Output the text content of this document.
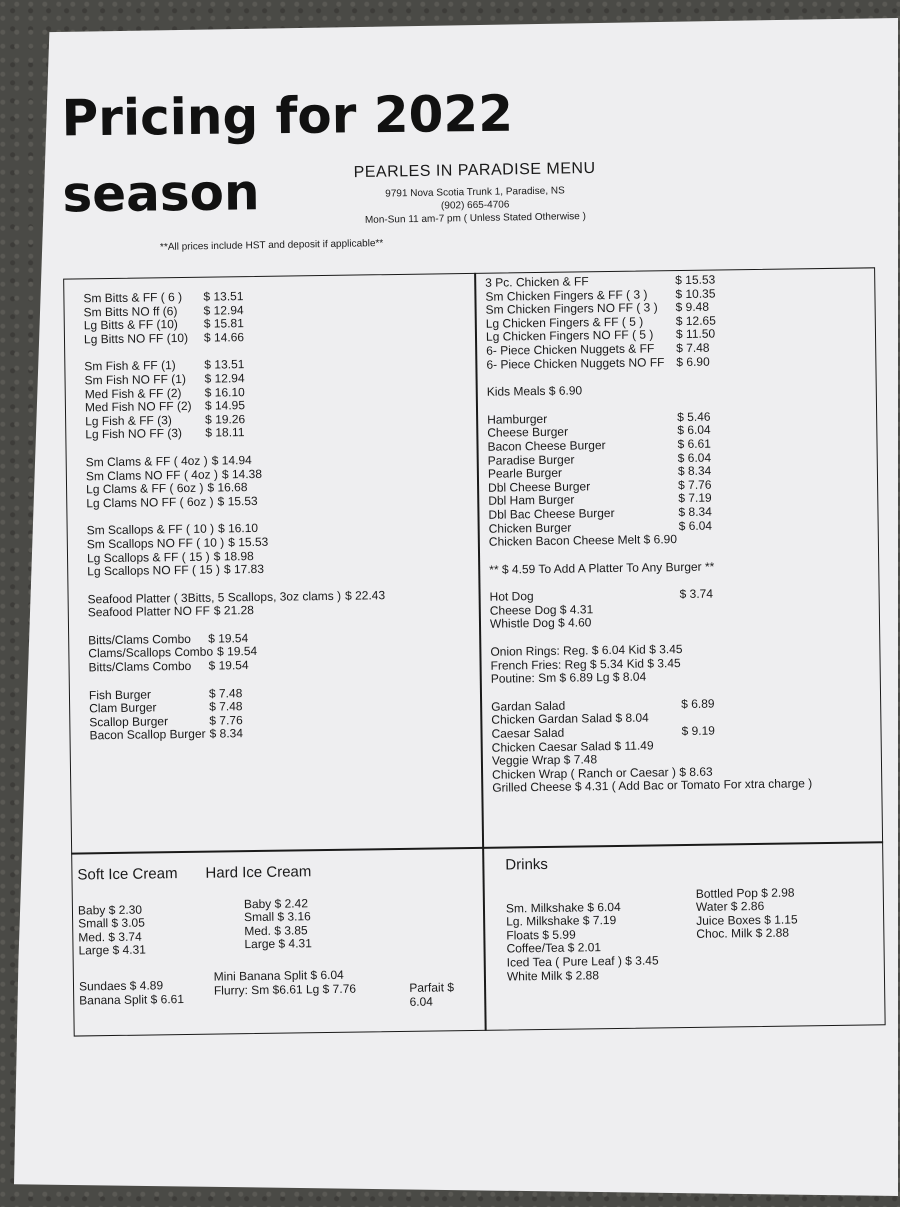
Pricing for 2022
season	PEARLES IN PARADISE MENU
9791 Nova Scotia Trunk 1, Paradise, NS
(902) 665-4706
Mon-Sun 11 am-7 pm ( Unless Stated Otherwise )
**All prices include HST and deposit if applicable**
Sm Bitts & FF ( 6 )	$ 13.51
Sm Bitts NO ff (6)	$ 12.94
Lg Bitts & FF (10)	$ 15.81
Lg Bitts NO FF (10)	$ 14.66
Sm Fish & FF (1)	$ 13.51
Sm Fish NO FF (1)	$ 12.94
Med Fish & FF (2)	$ 16.10
Med Fish NO FF (2)	$ 14.95
Lg Fish & FF (3)	$ 19.26
Lg Fish NO FF (3)	$ 18.11
Sm Clams & FF ( 4oz ) $ 14.94
Sm Clams NO FF ( 4oz ) $ 14.38
Lg Clams & FF ( 6oz ) $ 16.68
Lg Clams NO FF ( 6oz ) $ 15.53
Sm Scallops & FF ( 10 ) $ 16.10
Sm Scallops NO FF ( 10 ) $ 15.53
Lg Scallops & FF ( 15 ) $ 18.98
Lg Scallops NO FF ( 15 ) $ 17.83
Seafood Platter ( 3Bitts, 5 Scallops, 3oz clams ) $ 22.43
Seafood Platter NO FF $ 21.28
Bitts/Clams Combo	$ 19.54
Clams/Scallops Combo $ 19.54
Bitts/Clams Combo	$ 19.54
Fish Burger	$ 7.48
Clam Burger	$ 7.48
Scallop Burger	$ 7.76
Bacon Scallop Burger $ 8.34
3 Pc. Chicken & FF	$ 15.53
Sm Chicken Fingers & FF ( 3 )	$ 10.35
Sm Chicken Fingers NO FF ( 3 )	$ 9.48
Lg Chicken Fingers & FF ( 5 )	$ 12.65
Lg Chicken Fingers NO FF ( 5 )	$ 11.50
6- Piece Chicken Nuggets & FF	$ 7.48
6- Piece Chicken Nuggets NO FF $ 6.90
Kids Meals $ 6.90
Hamburger	$ 5.46
Cheese Burger	$ 6.04
Bacon Cheese Burger	$ 6.61
Paradise Burger	$ 6.04
Pearle Burger	$ 8.34
Dbl Cheese Burger	$ 7.76
Dbl Ham Burger	$ 7.19
Dbl Bac Cheese Burger	$ 8.34
Chicken Burger	$ 6.04
Chicken Bacon Cheese Melt $ 6.90
** $ 4.59 To Add A Platter To Any Burger **
Hot Dog	$ 3.74
Cheese Dog $ 4.31
Whistle Dog $ 4.60
Onion Rings: Reg. $ 6.04 Kid $ 3.45
French Fries: Reg $ 5.34 Kid $ 3.45
Poutine: Sm $ 6.89 Lg $ 8.04
Gardan Salad	$ 6.89
Chicken Gardan Salad $ 8.04
Caesar Salad	$ 9.19
Chicken Caesar Salad $ 11.49
Veggie Wrap $ 7.48
Chicken Wrap ( Ranch or Caesar ) $ 8.63
Grilled Cheese $ 4.31 ( Add Bac or Tomato For xtra charge )
Soft Ice Cream	Hard Ice Cream
Baby $ 2.30
Small $ 3.05
Med. $ 3.74
Large $ 4.31
Baby $ 2.42
Small $ 3.16
Med. $ 3.85
Large $ 4.31
Sundaes $ 4.89
Banana Split $ 6.61
Mini Banana Split $ 6.04
Flurry: Sm $6.61 Lg $ 7.76	Parfait $ 6.04
Drinks
Sm. Milkshake $ 6.04
Lg. Milkshake $ 7.19
Floats $ 5.99
Coffee/Tea $ 2.01
Iced Tea ( Pure Leaf ) $ 3.45
White Milk $ 2.88
Bottled Pop $ 2.98
Water $ 2.86
Juice Boxes $ 1.15
Choc. Milk $ 2.88
